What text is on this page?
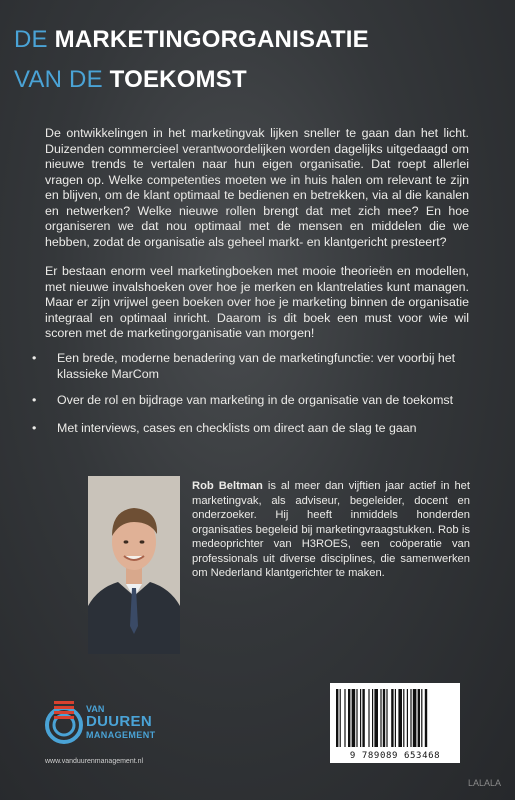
DE MARKETINGORGANISATIE
VAN DE TOEKOMST

De ontwikkelingen in het marketingvak lijken sneller te gaan dan het licht. Duizenden commercieel verantwoordelijken worden dagelijks uitgedaagd om nieuwe trends te vertalen naar hun eigen organisatie. Dat roept allerlei vragen op. Welke competenties moeten we in huis halen om relevant te zijn en blijven, om de klant optimaal te bedienen en betrekken, via al die kanalen en netwerken? Welke nieuwe rollen brengt dat met zich mee? En hoe organiseren we dat nou optimaal met de mensen en middelen die we hebben, zodat de organisatie als geheel markt- en klantgericht presteert?

Er bestaan enorm veel marketingboeken met mooie theorieën en modellen, met nieuwe invalshoeken over hoe je merken en klantrelaties kunt managen. Maar er zijn vrijwel geen boeken over hoe je marketing binnen de organisatie integraal en optimaal inricht. Daarom is dit boek een must voor wie wil scoren met de marketingorganisatie van morgen!

• Een brede, moderne benadering van de marketingfunctie: ver voorbij het klassieke MarCom
• Over de rol en bijdrage van marketing in de organisatie van de toekomst
• Met interviews, cases en checklists om direct aan de slag te gaan

Rob Beltman is al meer dan vijftien jaar actief in het marketingvak, als adviseur, begeleider, docent en onderzoeker. Hij heeft inmiddels honderden organisaties begeleid bij marketingvraagstukken. Rob is medeoprichter van H3ROES, een coöperatie van professionals uit diverse disciplines, die samenwerken om Nederland klantgerichter te maken.

VAN
DUUREN
MANAGEMENT
www.vanduurenmanagement.nl
9 789089 653468
LALALA
